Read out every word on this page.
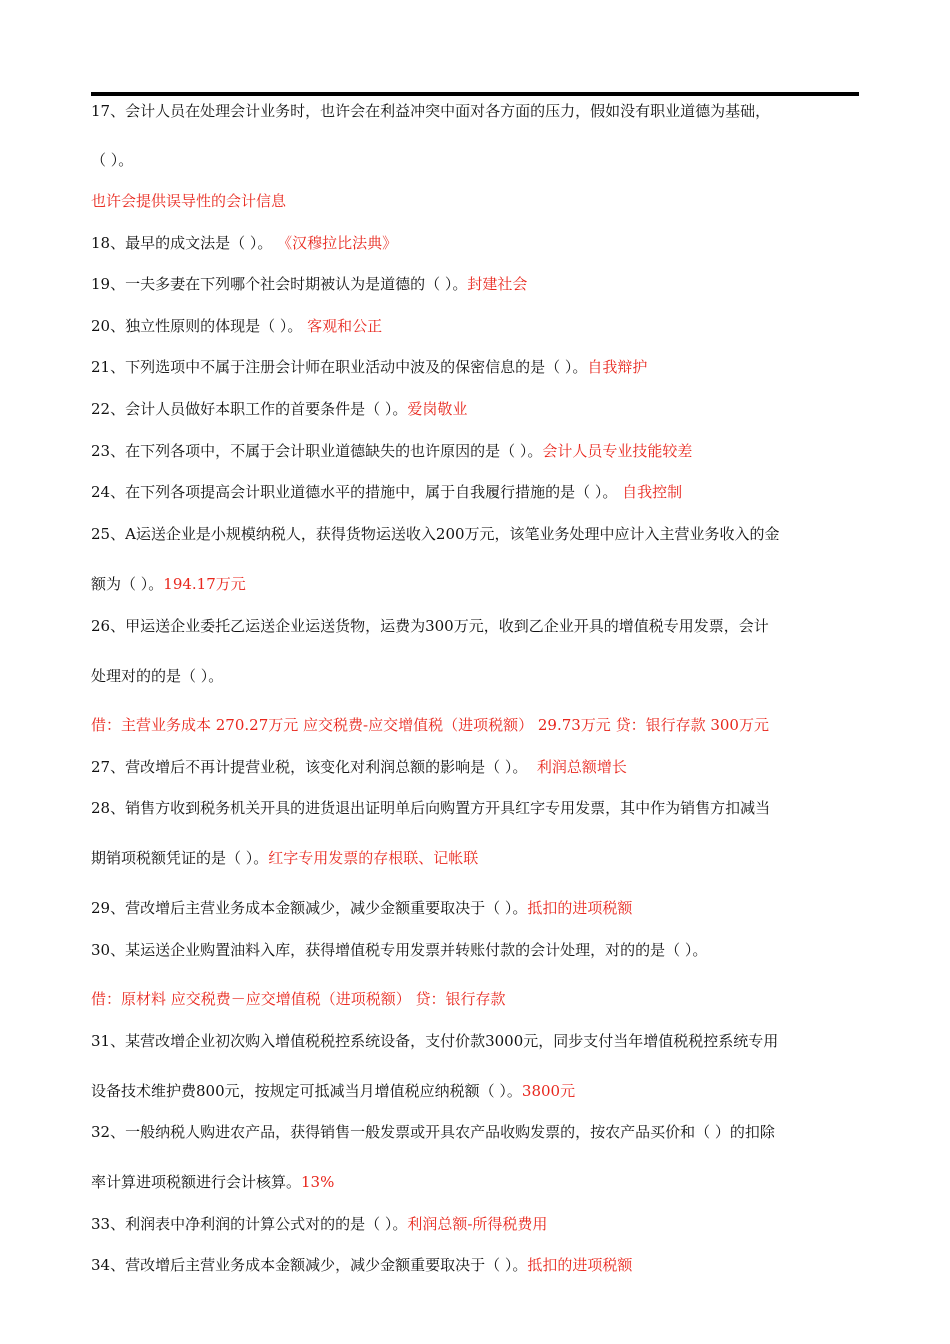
17、会计人员在处理会计业务时，也许会在利益冲突中面对各方面的压力，假如没有职业道德为基础，
（ ）。
也许会提供误导性的会计信息
18、最早的成文法是（ ）。 《汉穆拉比法典》
19、一夫多妻在下列哪个社会时期被认为是道德的（ ）。封建社会
20、独立性原则的体现是（ ）。 客观和公正
21、下列选项中不属于注册会计师在职业活动中波及的保密信息的是（ ）。自我辩护
22、会计人员做好本职工作的首要条件是（ ）。爱岗敬业
23、在下列各项中，不属于会计职业道德缺失的也许原因的是（ ）。会计人员专业技能较差
24、在下列各项提高会计职业道德水平的措施中，属于自我履行措施的是（ ）。 自我控制
25、A运送企业是小规模纳税人，获得货物运送收入200万元，该笔业务处理中应计入主营业务收入的金
额为（ ）。194.17万元
26、甲运送企业委托乙运送企业运送货物，运费为300万元，收到乙企业开具的增值税专用发票，会计
处理对的的是（ ）。
借：主营业务成本 270.27万元 应交税费-应交增值税（进项税额） 29.73万元 贷：银行存款 300万元
27、营改增后不再计提营业税，该变化对利润总额的影响是（ ）。 利润总额增长
28、销售方收到税务机关开具的进货退出证明单后向购置方开具红字专用发票，其中作为销售方扣减当
期销项税额凭证的是（ ）。红字专用发票的存根联、记帐联
29、营改增后主营业务成本金额减少，减少金额重要取决于（ ）。抵扣的进项税额
30、某运送企业购置油料入库，获得增值税专用发票并转账付款的会计处理，对的的是（ ）。
借：原材料 应交税费－应交增值税（进项税额） 贷：银行存款
31、某营改增企业初次购入增值税税控系统设备，支付价款3000元，同步支付当年增值税税控系统专用
设备技术维护费800元，按规定可抵减当月增值税应纳税额（ ）。3800元
32、一般纳税人购进农产品，获得销售一般发票或开具农产品收购发票的，按农产品买价和（ ）的扣除
率计算进项税额进行会计核算。13%
33、利润表中净利润的计算公式对的的是（ ）。利润总额-所得税费用
34、营改增后主营业务成本金额减少，减少金额重要取决于（ ）。抵扣的进项税额
